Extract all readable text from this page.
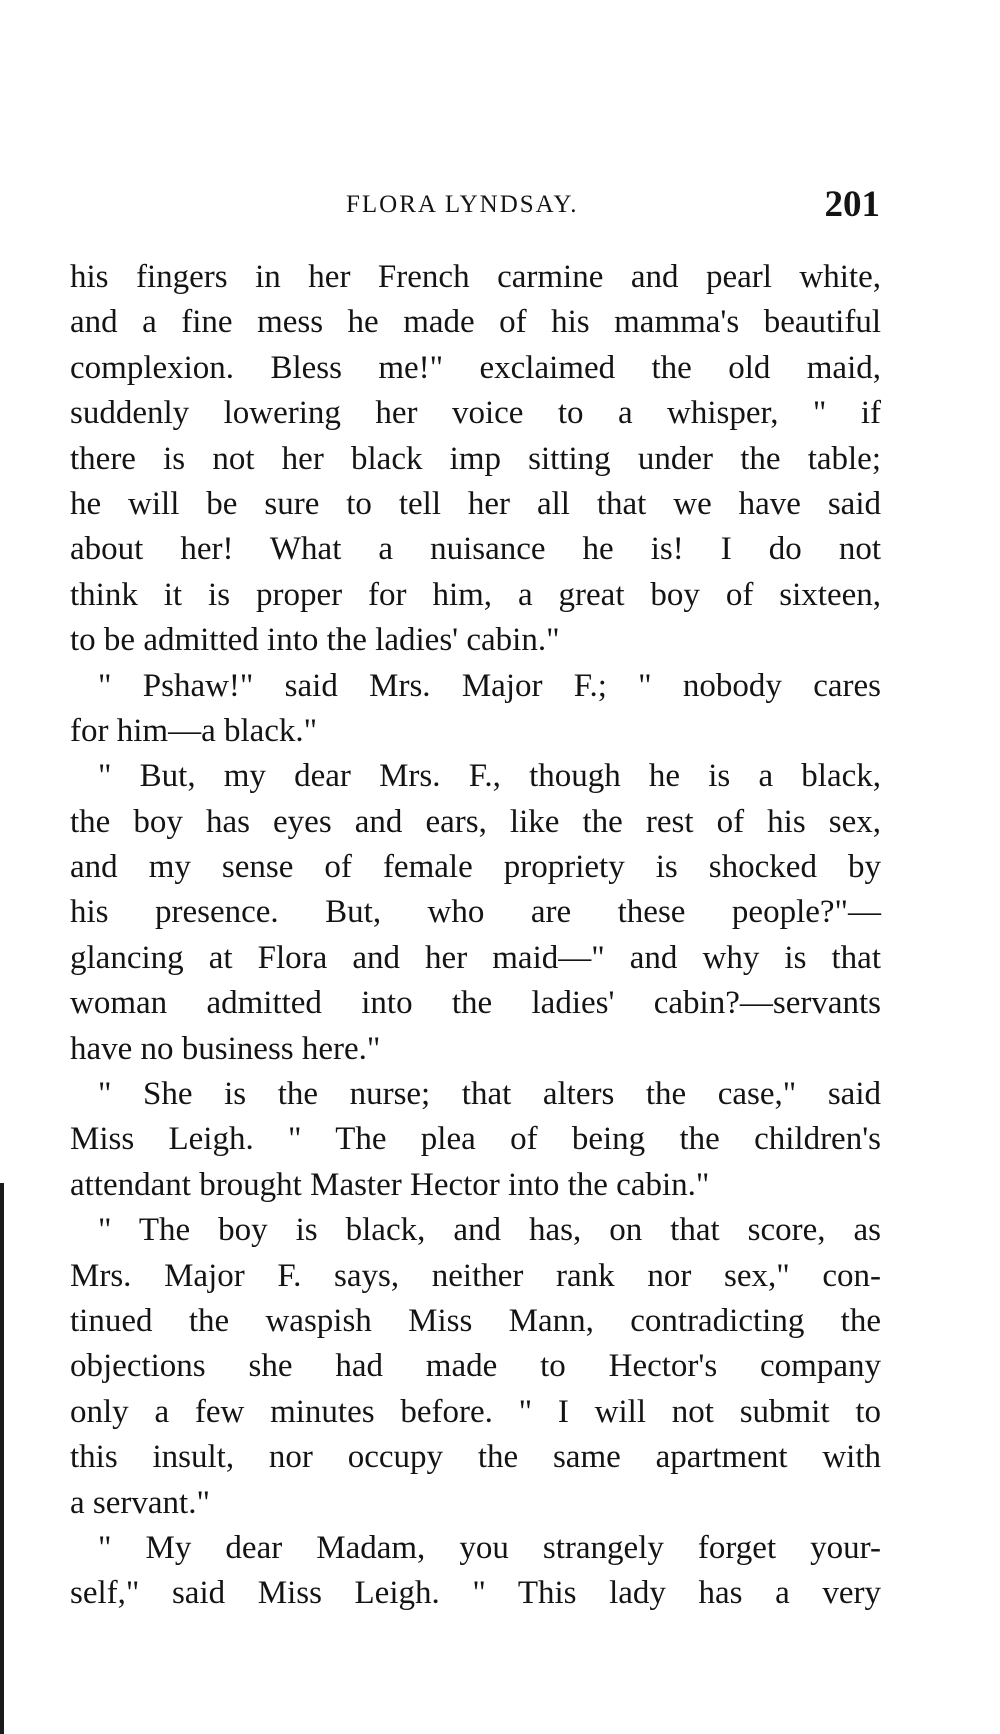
FLORA LYNDSAY.	201
his fingers in her French carmine and pearl white,
and a fine mess he made of his mamma's beautiful
complexion. Bless me!" exclaimed the old maid,
suddenly lowering her voice to a whisper, " if
there is not her black imp sitting under the table;
he will be sure to tell her all that we have said
about her! What a nuisance he is! I do not
think it is proper for him, a great boy of sixteen,
to be admitted into the ladies' cabin."
" Pshaw!" said Mrs. Major F.; " nobody cares
for him—a black."
" But, my dear Mrs. F., though he is a black,
the boy has eyes and ears, like the rest of his sex,
and my sense of female propriety is shocked by
his presence. But, who are these people?"—
glancing at Flora and her maid—" and why is that
woman admitted into the ladies' cabin?—servants
have no business here."
" She is the nurse; that alters the case," said
Miss Leigh. " The plea of being the children's
attendant brought Master Hector into the cabin."
" The boy is black, and has, on that score, as
Mrs. Major F. says, neither rank nor sex," con-
tinued the waspish Miss Mann, contradicting the
objections she had made to Hector's company
only a few minutes before. " I will not submit to
this insult, nor occupy the same apartment with
a servant."
" My dear Madam, you strangely forget your-
self," said Miss Leigh. " This lady has a very
